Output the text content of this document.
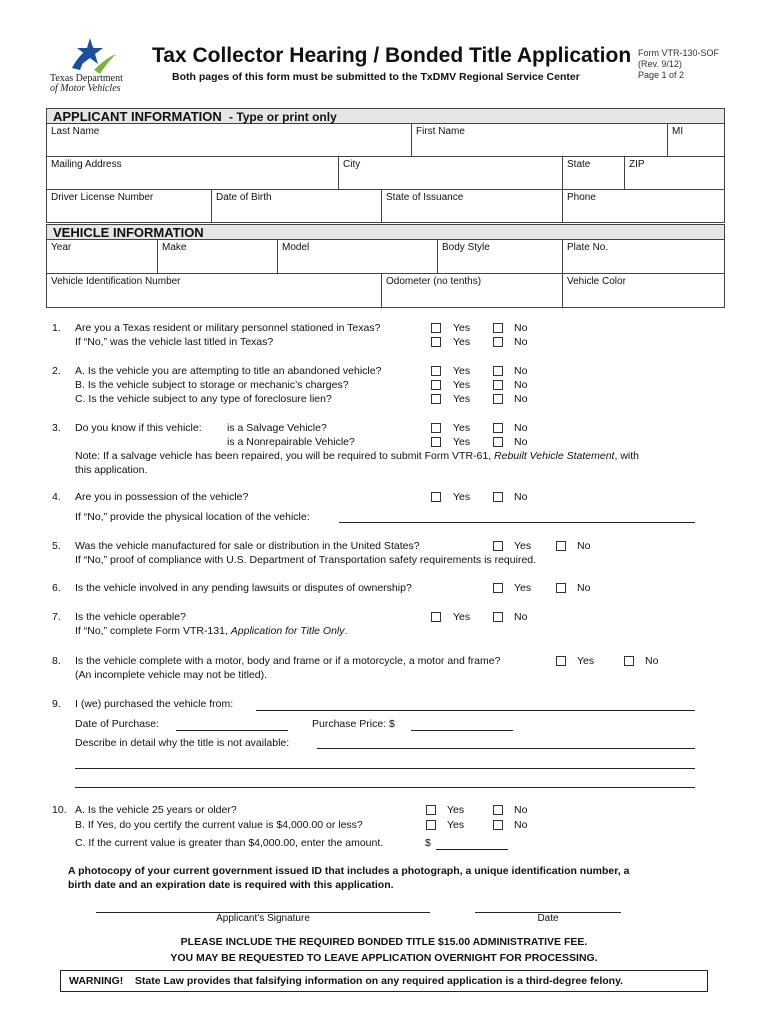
Texas Department
of Motor Vehicles
Tax Collector Hearing / Bonded Title Application
Both pages of this form must be submitted to the TxDMV Regional Service Center
Form VTR-130-SOF
(Rev. 9/12)
Page 1 of 2
APPLICANT INFORMATION - Type or print only
Last Name	First Name	MI
Mailing Address	City	State	ZIP
Driver License Number	Date of Birth	State of Issuance	Phone
VEHICLE INFORMATION
Year	Make	Model	Body Style	Plate No.
Vehicle Identification Number	Odometer (no tenths)	Vehicle Color
1. Are you a Texas resident or military personnel stationed in Texas?
If “No,” was the vehicle last titled in Texas?
Yes	No
Yes	No
2. A. Is the vehicle you are attempting to title an abandoned vehicle?
B. Is the vehicle subject to storage or mechanic’s charges?
C. Is the vehicle subject to any type of foreclosure lien?
Yes	No
Yes	No
Yes	No
3. Do you know if this vehicle: is a Salvage Vehicle?
is a Nonrepairable Vehicle?
Yes	No
Yes	No
Note: If a salvage vehicle has been repaired, you will be required to submit Form VTR-61, Rebuilt Vehicle Statement, with
this application.
4. Are you in possession of the vehicle?	Yes	No
If “No,” provide the physical location of the vehicle:
5. Was the vehicle manufactured for sale or distribution in the United States?
If “No,” proof of compliance with U.S. Department of Transportation safety requirements is required.
Yes	No
6. Is the vehicle involved in any pending lawsuits or disputes of ownership?	Yes	No
7. Is the vehicle operable?
If “No,” complete Form VTR-131, Application for Title Only.
Yes	No
8. Is the vehicle complete with a motor, body and frame or if a motorcycle, a motor and frame?
(An incomplete vehicle may not be titled).
Yes	No
9. I (we) purchased the vehicle from:
Date of Purchase:	Purchase Price: $
Describe in detail why the title is not available:
10. A. Is the vehicle 25 years or older?
B. If Yes, do you certify the current value is $4,000.00 or less?
C. If the current value is greater than $4,000.00, enter the amount.
Yes	No
Yes	No
$
A photocopy of your current government issued ID that includes a photograph, a unique identification number, a
birth date and an expiration date is required with this application.
Applicant’s Signature	Date
PLEASE INCLUDE THE REQUIRED BONDED TITLE $15.00 ADMINISTRATIVE FEE.
YOU MAY BE REQUESTED TO LEAVE APPLICATION OVERNIGHT FOR PROCESSING.
WARNING! State Law provides that falsifying information on any required application is a third-degree felony.
